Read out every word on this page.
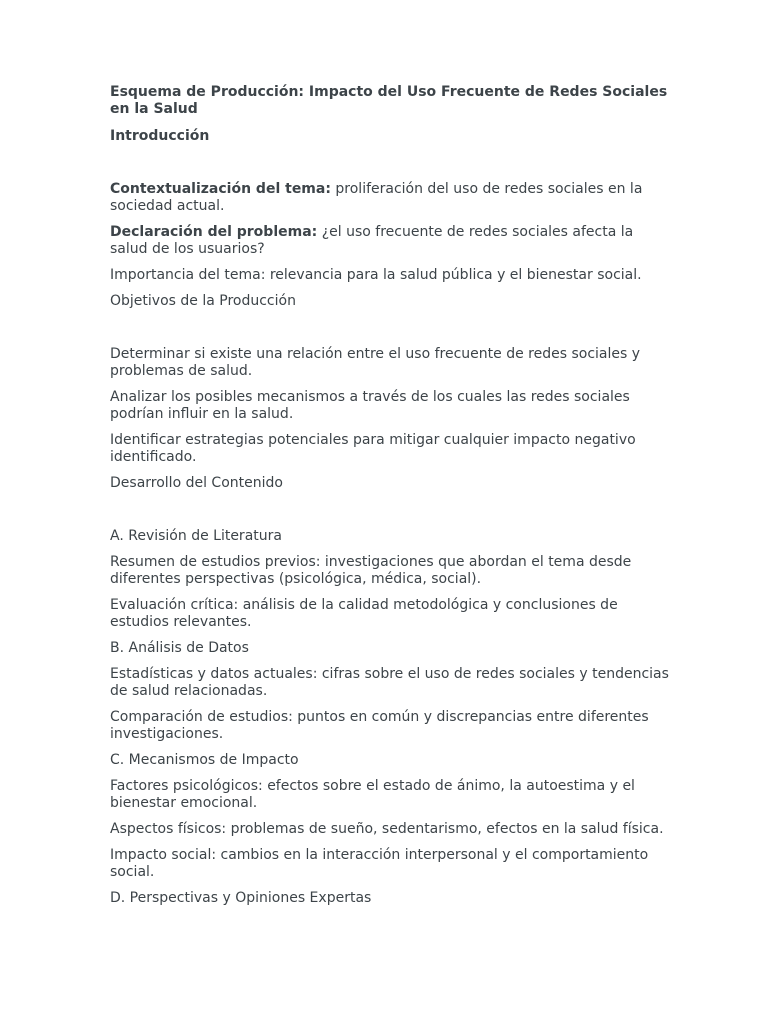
Esquema de Producción: Impacto del Uso Frecuente de Redes Sociales en la Salud

Introducción

Contextualización del tema: proliferación del uso de redes sociales en la sociedad actual.

Declaración del problema: ¿el uso frecuente de redes sociales afecta la salud de los usuarios?

Importancia del tema: relevancia para la salud pública y el bienestar social.

Objetivos de la Producción

Determinar si existe una relación entre el uso frecuente de redes sociales y problemas de salud.

Analizar los posibles mecanismos a través de los cuales las redes sociales podrían influir en la salud.

Identificar estrategias potenciales para mitigar cualquier impacto negativo identificado.

Desarrollo del Contenido

A. Revisión de Literatura

Resumen de estudios previos: investigaciones que abordan el tema desde diferentes perspectivas (psicológica, médica, social).

Evaluación crítica: análisis de la calidad metodológica y conclusiones de estudios relevantes.

B. Análisis de Datos

Estadísticas y datos actuales: cifras sobre el uso de redes sociales y tendencias de salud relacionadas.

Comparación de estudios: puntos en común y discrepancias entre diferentes investigaciones.

C. Mecanismos de Impacto

Factores psicológicos: efectos sobre el estado de ánimo, la autoestima y el bienestar emocional.

Aspectos físicos: problemas de sueño, sedentarismo, efectos en la salud física.

Impacto social: cambios en la interacción interpersonal y el comportamiento social.

D. Perspectivas y Opiniones Expertas
